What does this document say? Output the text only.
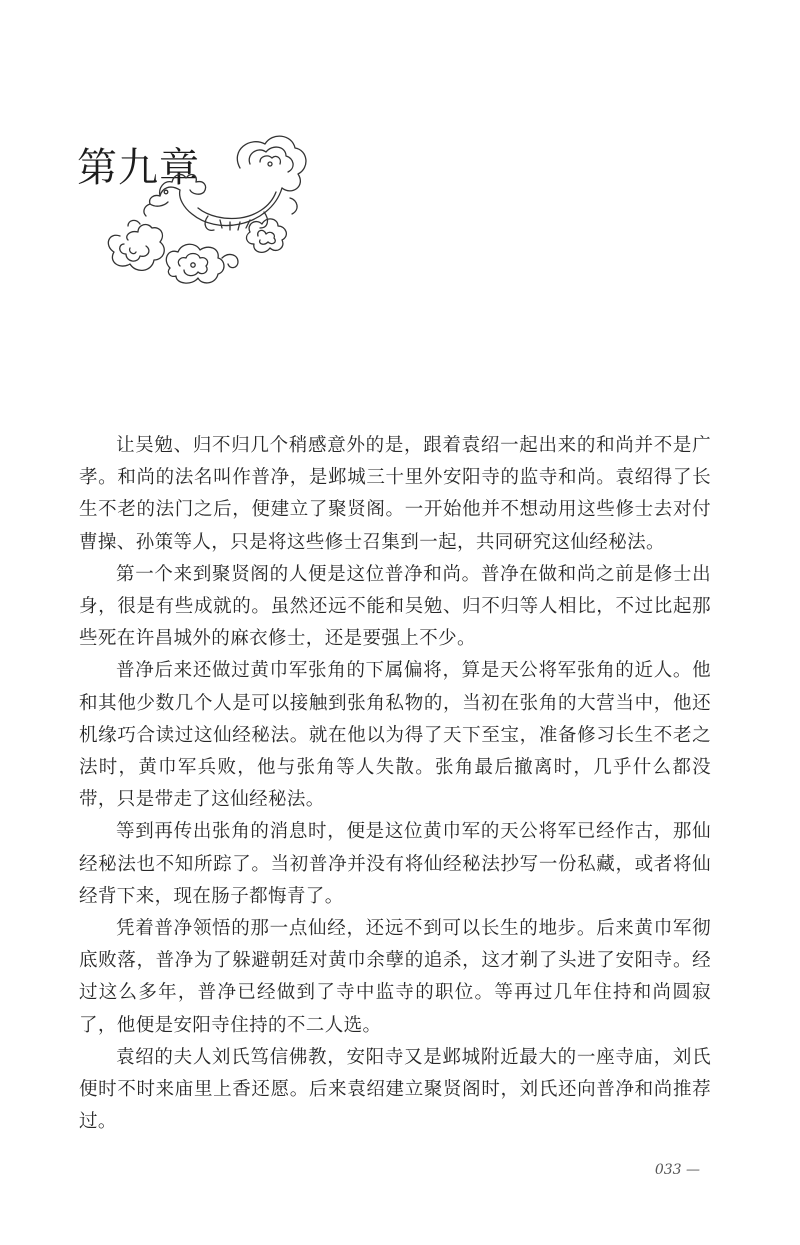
第九章

让吴勉、归不归几个稍感意外的是，跟着袁绍一起出来的和尚并不是广孝。和尚的法名叫作普净，是邺城三十里外安阳寺的监寺和尚。袁绍得了长生不老的法门之后，便建立了聚贤阁。一开始他并不想动用这些修士去对付曹操、孙策等人，只是将这些修士召集到一起，共同研究这仙经秘法。

第一个来到聚贤阁的人便是这位普净和尚。普净在做和尚之前是修士出身，很是有些成就的。虽然还远不能和吴勉、归不归等人相比，不过比起那些死在许昌城外的麻衣修士，还是要强上不少。

普净后来还做过黄巾军张角的下属偏将，算是天公将军张角的近人。他和其他少数几个人是可以接触到张角私物的，当初在张角的大营当中，他还机缘巧合读过这仙经秘法。就在他以为得了天下至宝，准备修习长生不老之法时，黄巾军兵败，他与张角等人失散。张角最后撤离时，几乎什么都没带，只是带走了这仙经秘法。

等到再传出张角的消息时，便是这位黄巾军的天公将军已经作古，那仙经秘法也不知所踪了。当初普净并没有将仙经秘法抄写一份私藏，或者将仙经背下来，现在肠子都悔青了。

凭着普净领悟的那一点仙经，还远不到可以长生的地步。后来黄巾军彻底败落，普净为了躲避朝廷对黄巾余孽的追杀，这才剃了头进了安阳寺。经过这么多年，普净已经做到了寺中监寺的职位。等再过几年住持和尚圆寂了，他便是安阳寺住持的不二人选。

袁绍的夫人刘氏笃信佛教，安阳寺又是邺城附近最大的一座寺庙，刘氏便时不时来庙里上香还愿。后来袁绍建立聚贤阁时，刘氏还向普净和尚推荐过。

033 —
